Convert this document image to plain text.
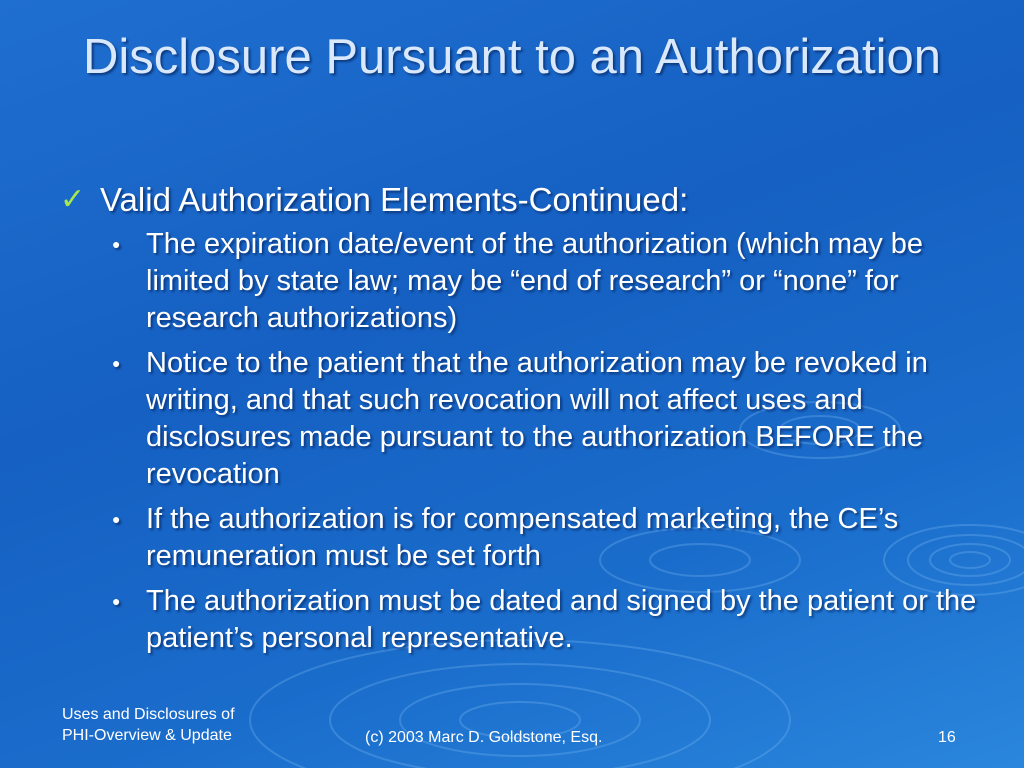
Disclosure Pursuant to an Authorization
✓ Valid Authorization Elements-Continued:
● The expiration date/event of the authorization (which may be limited by state law; may be “end of research” or “none” for research authorizations)
● Notice to the patient that the authorization may be revoked in writing, and that such revocation will not affect uses and disclosures made pursuant to the authorization BEFORE the revocation
● If the authorization is for compensated marketing, the CE’s remuneration must be set forth
● The authorization must be dated and signed by the patient or the patient’s personal representative.
Uses and Disclosures of
PHI-Overview & Update	(c) 2003 Marc D. Goldstone, Esq.	16
